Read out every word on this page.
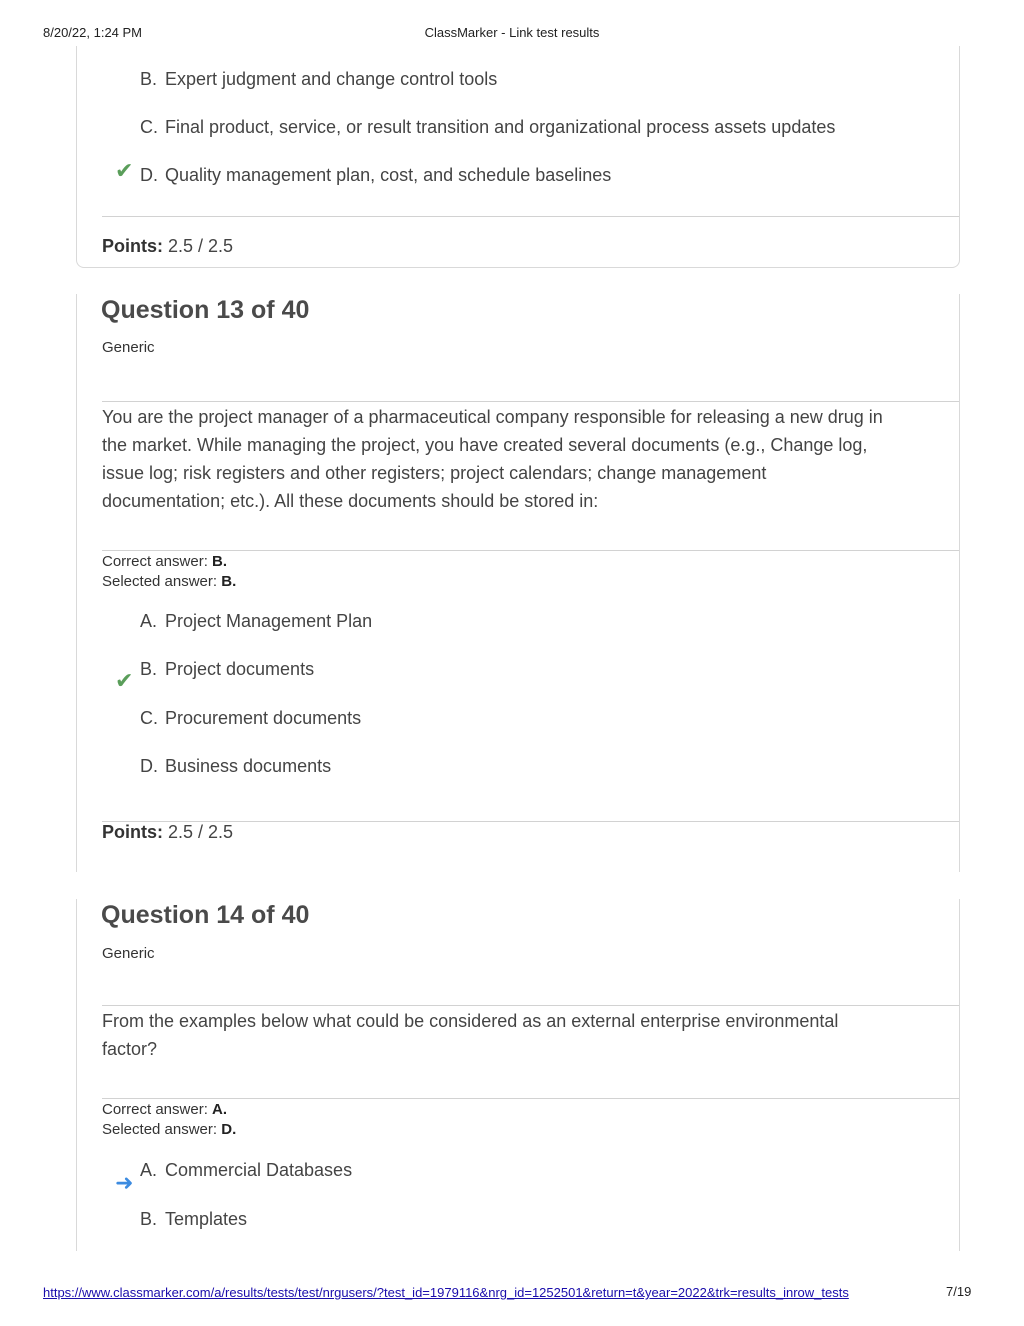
8/20/22, 1:24 PM	ClassMarker - Link test results
B. Expert judgment and change control tools
C. Final product, service, or result transition and organizational process assets updates
✔ D. Quality management plan, cost, and schedule baselines
Points: 2.5 / 2.5
Question 13 of 40
Generic
You are the project manager of a pharmaceutical company responsible for releasing a new drug in the market. While managing the project, you have created several documents (e.g., Change log, issue log; risk registers and other registers; project calendars; change management documentation; etc.). All these documents should be stored in:
Correct answer: B.
Selected answer: B.
A. Project Management Plan
✔ B. Project documents
C. Procurement documents
D. Business documents
Points: 2.5 / 2.5
Question 14 of 40
Generic
From the examples below what could be considered as an external enterprise environmental factor?
Correct answer: A.
Selected answer: D.
➜ A. Commercial Databases
B. Templates
https://www.classmarker.com/a/results/tests/test/nrgusers/?test_id=1979116&nrg_id=1252501&return=t&year=2022&trk=results_inrow_tests	7/19
